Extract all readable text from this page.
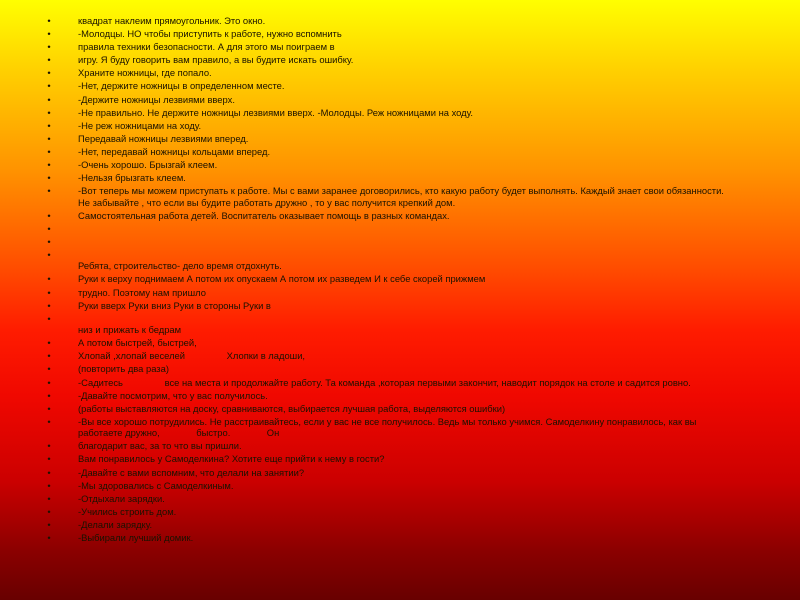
•	квадрат наклеим прямоугольник. Это окно.
•	-Молодцы. НО чтобы приступить к работе, нужно вспомнить
•	правила техники безопасности. А для этого мы поиграем в
•	игру. Я буду говорить вам правило, а вы будите искать ошибку.
•	Храните ножницы, где попало.
•	-Нет, держите ножницы в определенном месте.
•	-Держите ножницы лезвиями вверх.
•	-Не правильно. Не держите ножницы лезвиями вверх. -Молодцы. Реж ножницами на ходу.
•	-Не реж ножницами на ходу.
•	Передавай ножницы лезвиями вперед.
•	-Нет, передавай ножницы кольцами вперед.
•	-Очень хорошо. Брызгай клеем.
•	-Нельзя брызгать клеем.
•	-Вот теперь мы можем приступать к работе. Мы с вами заранее договорились, кто какую работу будет выполнять. Каждый знает свои обязанности. Не забывайте , что если вы будите работать дружно , то у вас получится крепкий дом.
•	Самостоятельная работа детей. Воспитатель оказывает помощь в разных командах.
•
•
•

Ребята, строительство- дело время отдохнуть.
•	Руки к верху поднимаем А потом их опускаем А потом их разведем И к себе скорей прижмем
•	трудно. Поэтому нам пришло
•	Руки вверх Руки вниз Руки в стороны Руки в
•

низ и прижать к бедрам
•	А потом быстрей, быстрей,
•	Хлопай ,хлопай веселей                Хлопки в ладоши,
•	(повторить два раза)
•	-Садитесь                все на места и продолжайте работу. Та команда ,которая первыми закончит, наводит порядок на столе и садится ровно.
•	-Давайте посмотрим, что у вас получилось.
•	(работы выставляются на доску, сравниваются, выбирается лучшая работа, выделяются ошибки)
•	-Вы все хорошо потрудились. Не расстраивайтесь, если у вас не все получилось. Ведь мы только учимся. Самоделкину понравилось, как вы работаете дружно,              быстро.              Он
•	благодарит вас, за то что вы пришли.
•	Вам понравилось у Самоделкина? Хотите еще прийти к нему в гости?
•	-Давайте с вами вспомним, что делали на занятии?
•	-Мы здоровались с Самоделкиным.
•	-Отдыхали зарядки.
•	-Учились строить дом.
•	-Делали зарядку.
•	-Выбирали лучший домик.
